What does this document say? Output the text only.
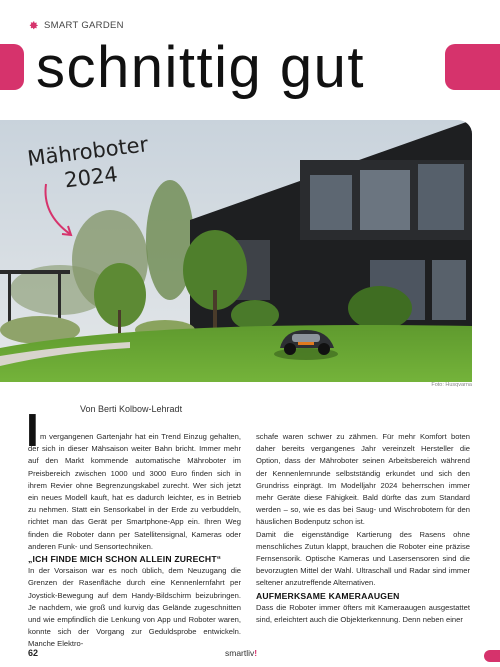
SMART GARDEN
schnittig gut
Mähroboter
2024
Foto: Husqvarna
Von Berti Kolbow-Lehradt
I m vergangenen Gartenjahr hat ein Trend Einzug gehalten, der sich in dieser Mähsaison weiter Bahn bricht. Immer mehr auf den Markt kommende automatische Mähroboter im Preisbereich zwischen 1000 und 3000 Euro finden sich in ihrem Revier ohne Begrenzungskabel zurecht. Wer sich jetzt ein neues Modell kauft, hat es dadurch leichter, es in Betrieb zu nehmen. Statt ein Sensorkabel in der Erde zu verbuddeln, richtet man das Gerät per Smartphone-App ein. Ihren Weg finden die Roboter dann per Satellitensignal, Kameras oder anderen Funk- und Sensortechniken.

„ICH FINDE MICH SCHON ALLEIN ZURECHT“

In der Vorsaison war es noch üblich, dem Neuzugang die Grenzen der Rasenfläche durch eine Kennenlernfahrt per Joystick-Bewegung auf dem Handy-Bildschirm beizubringen. Je nachdem, wie groß und kurvig das Gelände zugeschnitten und wie empfindlich die Lenkung von App und Roboter waren, konnte sich der Vorgang zur Geduldsprobe entwickeln. Manche Elektro-

schafe waren schwer zu zähmen. Für mehr Komfort boten daher bereits vergangenes Jahr vereinzelt Hersteller die Option, dass der Mähroboter seinen Arbeitsbereich während der Kennenlernrunde selbstständig erkundet und sich den Grundriss einprägt. Im Modelljahr 2024 beherrschen immer mehr Geräte diese Fähigkeit. Bald dürfte das zum Standard werden – so, wie es das bei Saug- und Wischrobotern für den häuslichen Bodenputz schon ist.

Damit die eigenständige Kartierung des Rasens ohne menschliches Zutun klappt, brauchen die Roboter eine präzise Fernsensorik. Optische Kameras und Lasersensoren sind die bevorzugten Mittel der Wahl. Ultraschall und Radar sind immer seltener anzutreffende Alternativen.

AUFMERKSAME KAMERAAUGEN

Dass die Roboter immer öfters mit Kameraaugen ausgestattet sind, erleichtert auch die Objekterkennung. Denn neben einer

62	smartliv!
